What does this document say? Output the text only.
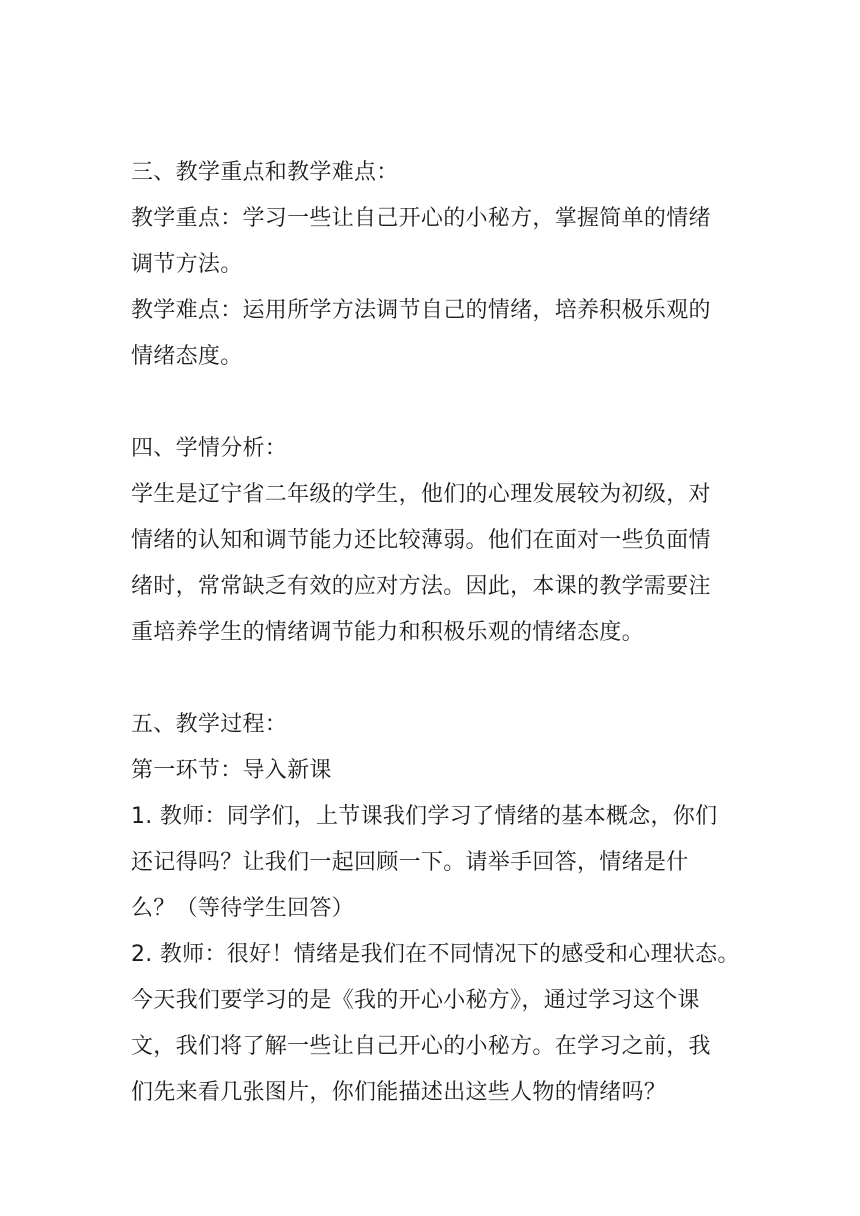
三、教学重点和教学难点：
教学重点：学习一些让自己开心的小秘方，掌握简单的情绪
调节方法。
教学难点：运用所学方法调节自己的情绪，培养积极乐观的
情绪态度。
四、学情分析：
学生是辽宁省二年级的学生，他们的心理发展较为初级，对
情绪的认知和调节能力还比较薄弱。他们在面对一些负面情
绪时，常常缺乏有效的应对方法。因此，本课的教学需要注
重培养学生的情绪调节能力和积极乐观的情绪态度。
五、教学过程：
第一环节：导入新课
1. 教师：同学们，上节课我们学习了情绪的基本概念，你们
还记得吗？让我们一起回顾一下。请举手回答，情绪是什
么？（等待学生回答）
2. 教师：很好！情绪是我们在不同情况下的感受和心理状态。
今天我们要学习的是《我的开心小秘方》，通过学习这个课
文，我们将了解一些让自己开心的小秘方。在学习之前，我
们先来看几张图片，你们能描述出这些人物的情绪吗？
